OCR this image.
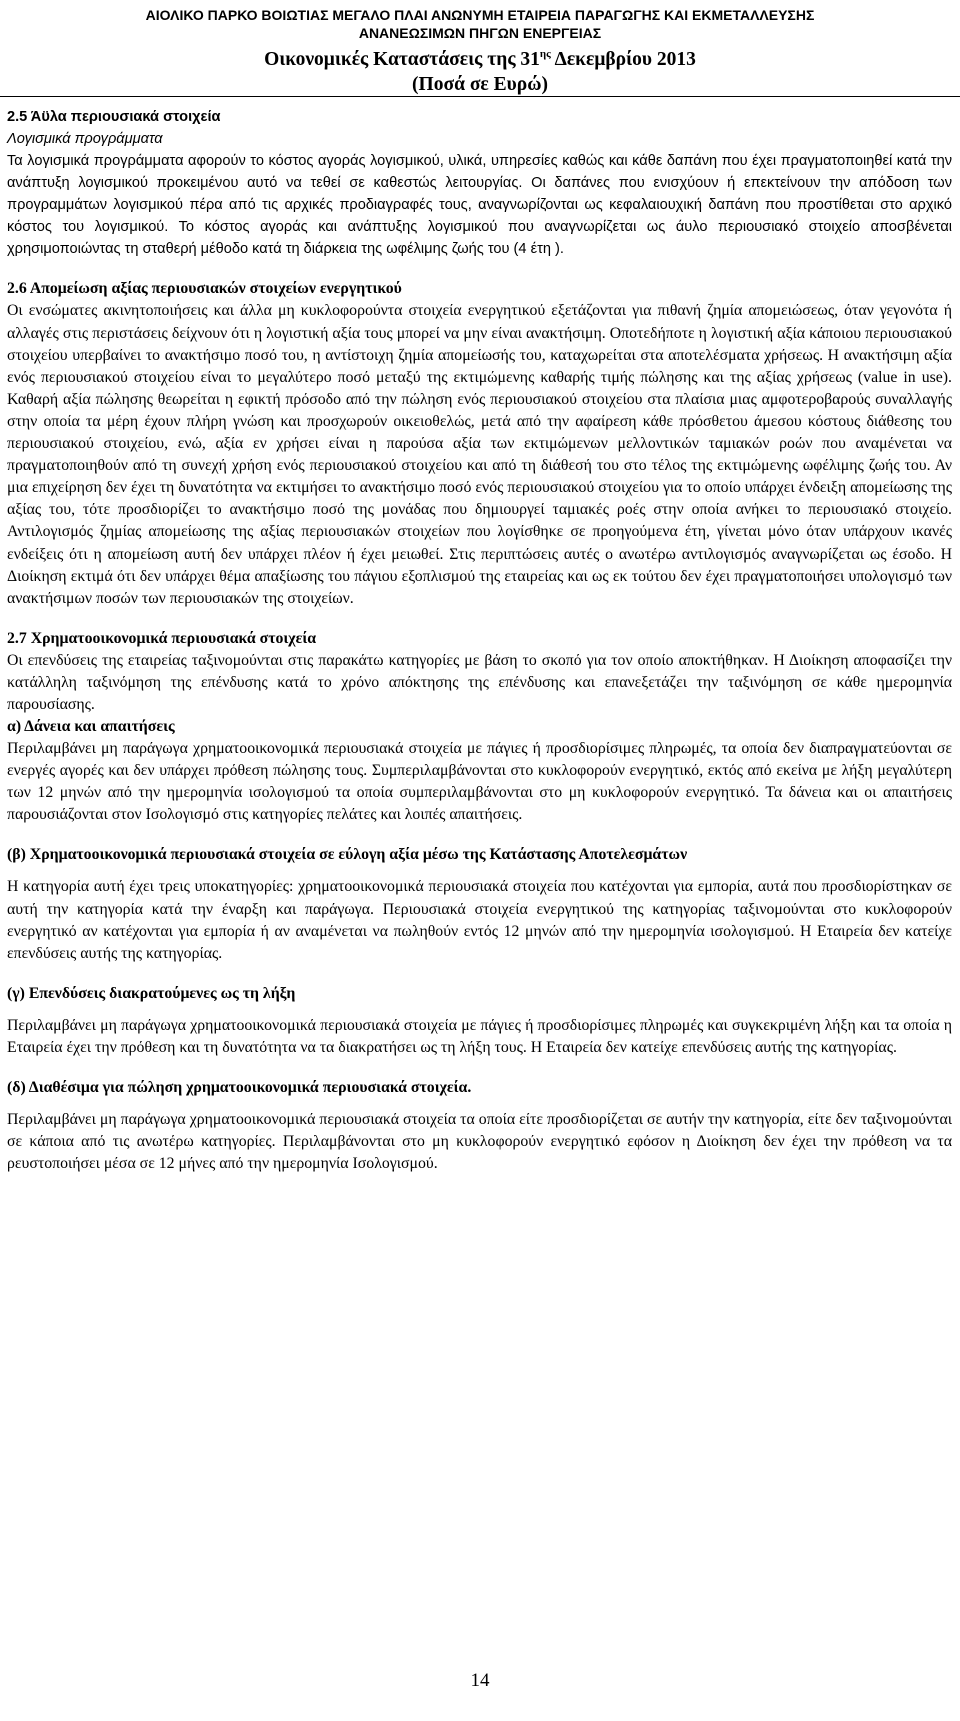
ΑΙΟΛΙΚΟ ΠΑΡΚΟ ΒΟΙΩΤΙΑΣ ΜΕΓΑΛΟ ΠΛΑΙ ΑΝΩΝΥΜΗ ΕΤΑΙΡΕΙΑ ΠΑΡΑΓΩΓΗΣ ΚΑΙ ΕΚΜΕΤΑΛΛΕΥΣΗΣ
ΑΝΑΝΕΩΣΙΜΩΝ ΠΗΓΩΝ ΕΝΕΡΓΕΙΑΣ
Οικονομικές Καταστάσεις της $31^{\eta\varsigma}$ Δεκεμβρίου 2013
(Ποσά σε Ευρώ)

2.5 Άϋλα περιουσιακά στοιχεία

Λογισμικά προγράμματα

Τα λογισμικά προγράμματα αφορούν το κόστος αγοράς λογισμικού, υλικά, υπηρεσίες καθώς και κάθε δαπάνη που έχει πραγματοποιηθεί κατά την ανάπτυξη λογισμικού προκειμένου αυτό να τεθεί σε καθεστώς λειτουργίας. Οι δαπάνες που ενισχύουν ή επεκτείνουν την απόδοση των προγραμμάτων λογισμικού πέρα από τις αρχικές προδιαγραφές τους, αναγνωρίζονται ως κεφαλαιουχική δαπάνη που προστίθεται στο αρχικό κόστος του λογισμικού. Το κόστος αγοράς και ανάπτυξης λογισμικού που αναγνωρίζεται ως άυλο περιουσιακό στοιχείο αποσβένεται χρησιμοποιώντας τη σταθερή μέθοδο κατά τη διάρκεια της ωφέλιμης ζωής του (4 έτη ).

2.6 Απομείωση αξίας περιουσιακών στοιχείων ενεργητικού

Οι ενσώματες ακινητοποιήσεις και άλλα μη κυκλοφορούντα στοιχεία ενεργητικού εξετάζονται για πιθανή ζημία απομειώσεως, όταν γεγονότα ή αλλαγές στις περιστάσεις δείχνουν ότι η λογιστική αξία τους μπορεί να μην είναι ανακτήσιμη. Οποτεδήποτε η λογιστική αξία κάποιου περιουσιακού στοιχείου υπερβαίνει το ανακτήσιμο ποσό του, η αντίστοιχη ζημία απομείωσής του, καταχωρείται στα αποτελέσματα χρήσεως. Η ανακτήσιμη αξία ενός περιουσιακού στοιχείου είναι το μεγαλύτερο ποσό μεταξύ της εκτιμώμενης καθαρής τιμής πώλησης και της αξίας χρήσεως (value in use). Καθαρή αξία πώλησης θεωρείται η εφικτή πρόσοδο από την πώληση ενός περιουσιακού στοιχείου στα πλαίσια μιας αμφοτεροβαρούς συναλλαγής στην οποία τα μέρη έχουν πλήρη γνώση και προσχωρούν οικειοθελώς, μετά από την αφαίρεση κάθε πρόσθετου άμεσου κόστους διάθεσης του περιουσιακού στοιχείου, ενώ, αξία εν χρήσει είναι η παρούσα αξία των εκτιμώμενων μελλοντικών ταμιακών ροών που αναμένεται να πραγματοποιηθούν από τη συνεχή χρήση ενός περιουσιακού στοιχείου και από τη διάθεσή του στο τέλος της εκτιμώμενης ωφέλιμης ζωής του. Αν μια επιχείρηση δεν έχει τη δυνατότητα να εκτιμήσει το ανακτήσιμο ποσό ενός περιουσιακού στοιχείου για το οποίο υπάρχει ένδειξη απομείωσης της αξίας του, τότε προσδιορίζει το ανακτήσιμο ποσό της μονάδας που δημιουργεί ταμιακές ροές στην οποία ανήκει το περιουσιακό στοιχείο. Αντιλογισμός ζημίας απομείωσης της αξίας περιουσιακών στοιχείων που λογίσθηκε σε προηγούμενα έτη, γίνεται μόνο όταν υπάρχουν ικανές ενδείξεις ότι η απομείωση αυτή δεν υπάρχει πλέον ή έχει μειωθεί. Στις περιπτώσεις αυτές ο ανωτέρω αντιλογισμός αναγνωρίζεται ως έσοδο. Η Διοίκηση εκτιμά ότι δεν υπάρχει θέμα απαξίωσης του πάγιου εξοπλισμού της εταιρείας και ως εκ τούτου δεν έχει πραγματοποιήσει υπολογισμό των ανακτήσιμων ποσών των περιουσιακών της στοιχείων.

2.7 Χρηματοοικονομικά περιουσιακά στοιχεία

Οι επενδύσεις της εταιρείας ταξινομούνται στις παρακάτω κατηγορίες με βάση το σκοπό για τον οποίο αποκτήθηκαν. Η Διοίκηση αποφασίζει την κατάλληλη ταξινόμηση της επένδυσης κατά το χρόνο απόκτησης της επένδυσης και επανεξετάζει την ταξινόμηση σε κάθε ημερομηνία παρουσίασης.

α) Δάνεια και απαιτήσεις

Περιλαμβάνει μη παράγωγα χρηματοοικονομικά περιουσιακά στοιχεία με πάγιες ή προσδιορίσιμες πληρωμές, τα οποία δεν διαπραγματεύονται σε ενεργές αγορές και δεν υπάρχει πρόθεση πώλησης τους. Συμπεριλαμβάνονται στο κυκλοφορούν ενεργητικό, εκτός από εκείνα με λήξη μεγαλύτερη των 12 μηνών από την ημερομηνία ισολογισμού τα οποία συμπεριλαμβάνονται στο μη κυκλοφορούν ενεργητικό. Τα δάνεια και οι απαιτήσεις παρουσιάζονται στον Ισολογισμό στις κατηγορίες πελάτες και λοιπές απαιτήσεις.

(β) Χρηματοοικονομικά περιουσιακά στοιχεία σε εύλογη αξία μέσω της Κατάστασης Αποτελεσμάτων

Η κατηγορία αυτή έχει τρεις υποκατηγορίες: χρηματοοικονομικά περιουσιακά στοιχεία που κατέχονται για εμπορία, αυτά που προσδιορίστηκαν σε αυτή την κατηγορία κατά την έναρξη και παράγωγα. Περιουσιακά στοιχεία ενεργητικού της κατηγορίας ταξινομούνται στο κυκλοφορούν ενεργητικό αν κατέχονται για εμπορία ή αν αναμένεται να πωληθούν εντός 12 μηνών από την ημερομηνία ισολογισμού. Η Εταιρεία δεν κατείχε επενδύσεις αυτής της κατηγορίας.

(γ) Επενδύσεις διακρατούμενες ως τη λήξη

Περιλαμβάνει μη παράγωγα χρηματοοικονομικά περιουσιακά στοιχεία με πάγιες ή προσδιορίσιμες πληρωμές και συγκεκριμένη λήξη και τα οποία η Εταιρεία έχει την πρόθεση και τη δυνατότητα να τα διακρατήσει ως τη λήξη τους. Η Εταιρεία δεν κατείχε επενδύσεις αυτής της κατηγορίας.

(δ) Διαθέσιμα για πώληση χρηματοοικονομικά περιουσιακά στοιχεία.

Περιλαμβάνει μη παράγωγα χρηματοοικονομικά περιουσιακά στοιχεία τα οποία είτε προσδιορίζεται σε αυτήν την κατηγορία, είτε δεν ταξινομούνται σε κάποια από τις ανωτέρω κατηγορίες. Περιλαμβάνονται στο μη κυκλοφορούν ενεργητικό εφόσον η Διοίκηση δεν έχει την πρόθεση να τα ρευστοποιήσει μέσα σε 12 μήνες από την ημερομηνία Ισολογισμού.

14
